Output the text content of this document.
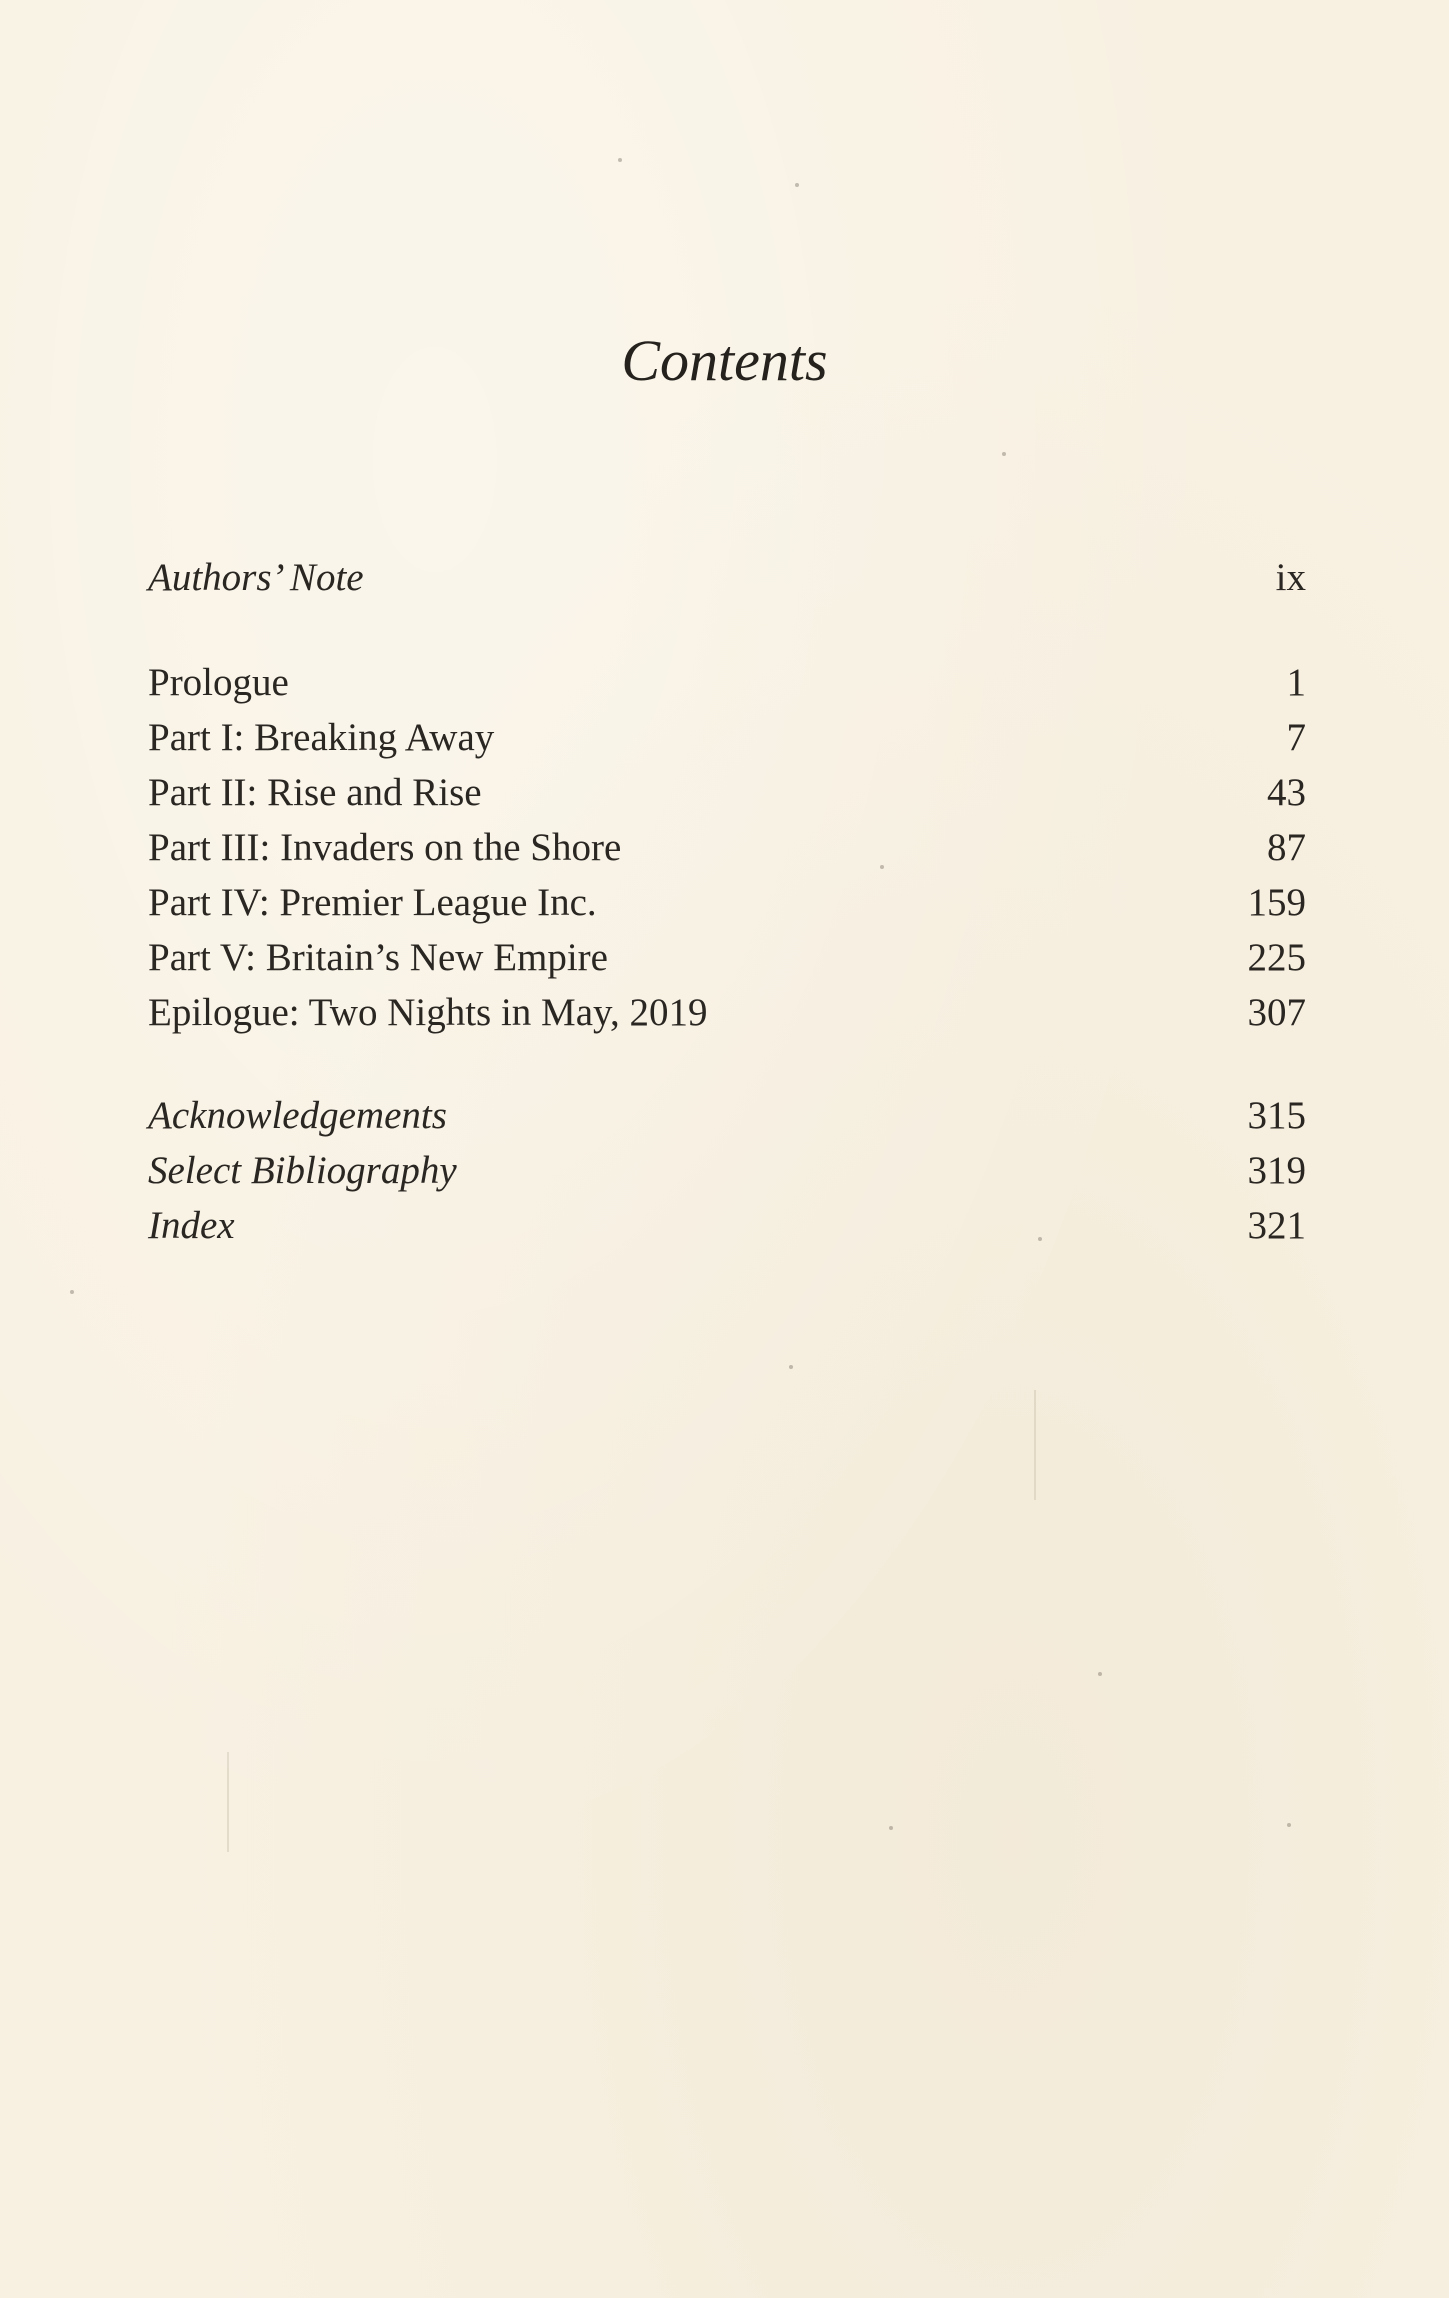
Contents
Authors’ Note	ix
Prologue	1
Part I: Breaking Away	7
Part II: Rise and Rise	43
Part III: Invaders on the Shore	87
Part IV: Premier League Inc.	159
Part V: Britain’s New Empire	225
Epilogue: Two Nights in May, 2019	307
Acknowledgements	315
Select Bibliography	319
Index	321
